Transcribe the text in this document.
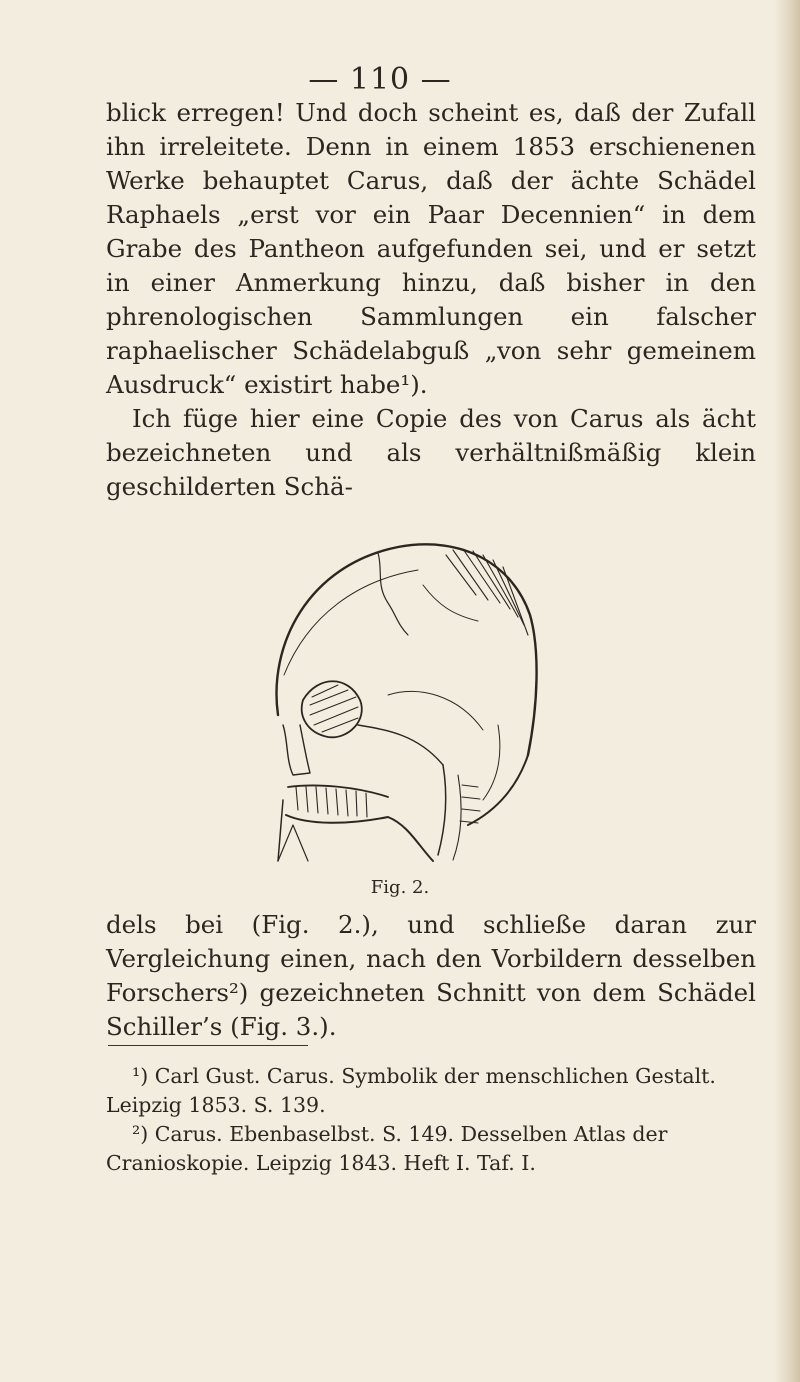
— 110 —

blick erregen! Und doch scheint es, daß der Zufall ihn irreleitete. Denn in einem 1853 erschienenen Werke behauptet Carus, daß der ächte Schädel Raphaels „erst vor ein Paar Decennien“ in dem Grabe des Pantheon aufgefunden sei, und er setzt in einer Anmerkung hinzu, daß bisher in den phrenologischen Sammlungen ein falscher raphaelischer Schädelabguß „von sehr gemeinem Ausdruck“ existirt habe¹).

Ich füge hier eine Copie des von Carus als ächt bezeichneten und als verhältnißmäßig klein geschilderten Schä-

Fig. 2.

dels bei (Fig. 2.), und schließe daran zur Vergleichung einen, nach den Vorbildern desselben Forschers²) gezeichneten Schnitt von dem Schädel Schiller’s (Fig. 3.).

¹) Carl Gust. Carus. Symbolik der menschlichen Gestalt. Leipzig 1853. S. 139.

²) Carus. Ebenbaselbst. S. 149. Desselben Atlas der Cranioskopie. Leipzig 1843. Heft I. Taf. I.
